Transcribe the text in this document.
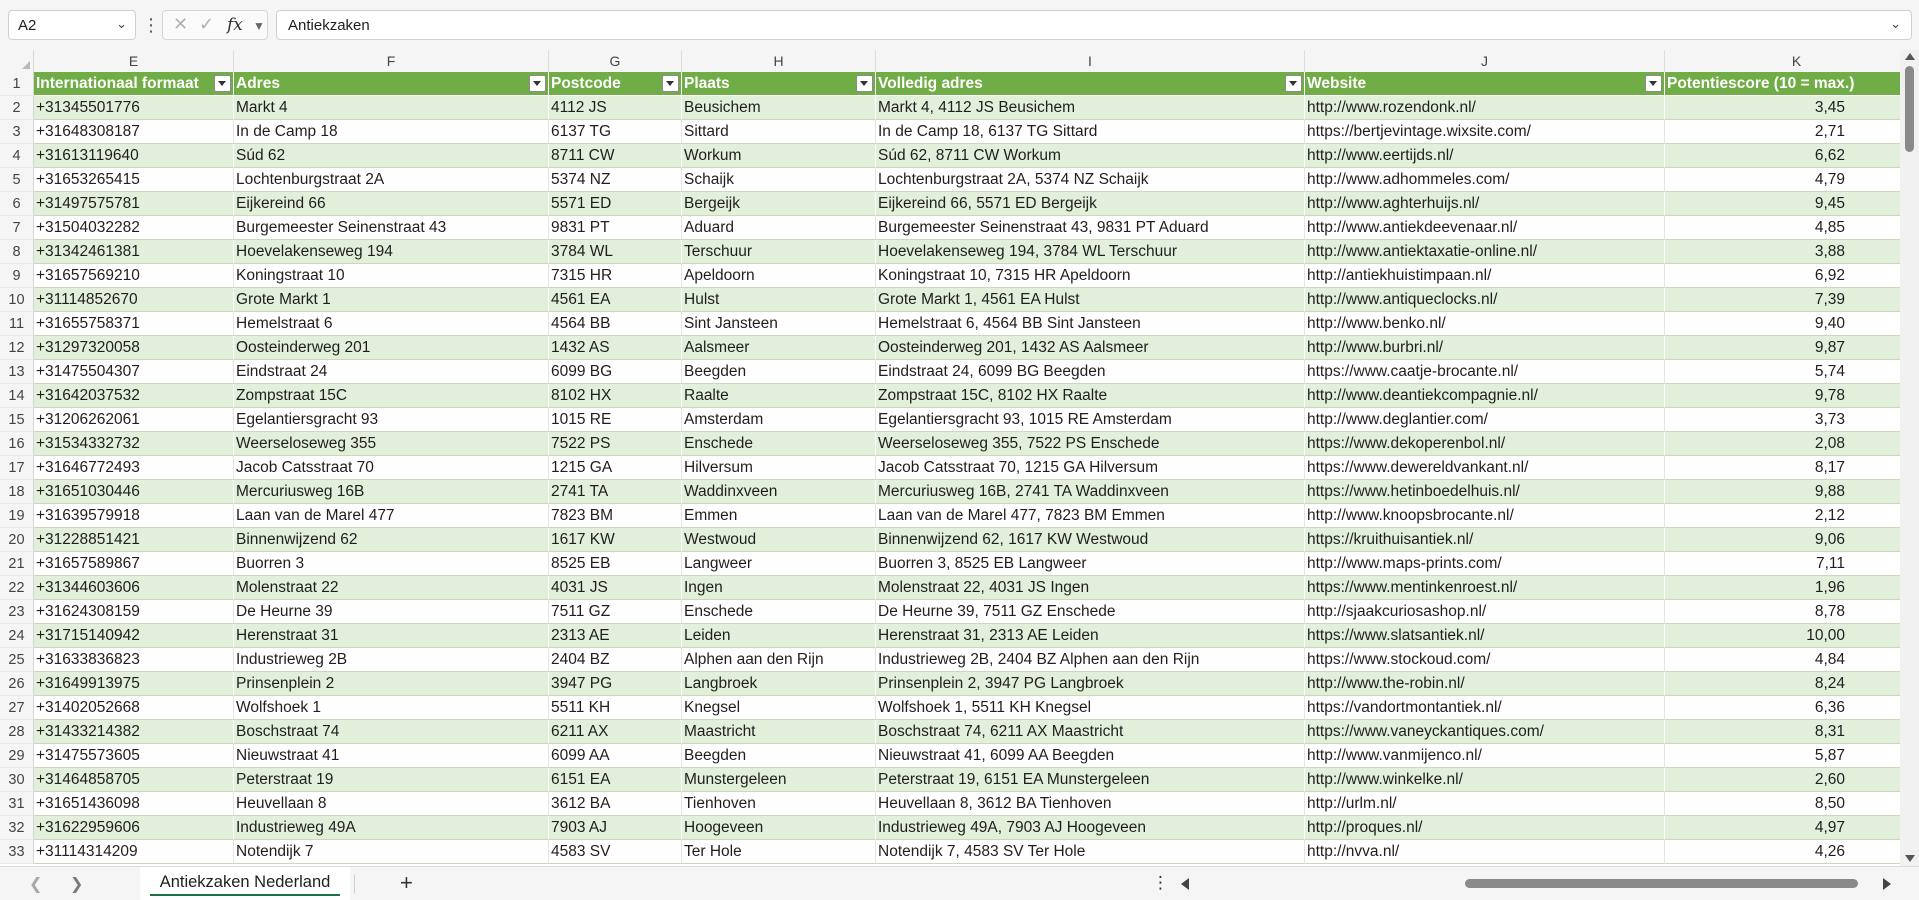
A2	⌄ ⋮ ✕ ✓ fx ▼ Antiekzaken	⌄
E	F	G	H	I	J	K
1
2
3
4
5
6
7
8
9
10
11
12
13
14
15
16
17
18
19
20
21
22
23
24
25
26
27
28
29
30
31
32
33
Internationaal formaat	Adres	Postcode	Plaats	Volledig adres	Website	Potentiescore (10 = max.)
+31345501776	Markt 4	4112 JS	Beusichem	Markt 4, 4112 JS Beusichem	http://www.rozendonk.nl/	3,45
+31648308187	In de Camp 18	6137 TG	Sittard	In de Camp 18, 6137 TG Sittard	https://bertjevintage.wixsite.com/	2,71
+31613119640	Súd 62	8711 CW	Workum	Súd 62, 8711 CW Workum	http://www.eertijds.nl/	6,62
+31653265415	Lochtenburgstraat 2A	5374 NZ	Schaijk	Lochtenburgstraat 2A, 5374 NZ Schaijk	http://www.adhommeles.com/	4,79
+31497575781	Eijkereind 66	5571 ED	Bergeijk	Eijkereind 66, 5571 ED Bergeijk	http://www.aghterhuijs.nl/	9,45
+31504032282	Burgemeester Seinenstraat 43	9831 PT	Aduard	Burgemeester Seinenstraat 43, 9831 PT Aduard	http://www.antiekdeevenaar.nl/	4,85
+31342461381	Hoevelakenseweg 194	3784 WL	Terschuur	Hoevelakenseweg 194, 3784 WL Terschuur	http://www.antiektaxatie-online.nl/	3,88
+31657569210	Koningstraat 10	7315 HR	Apeldoorn	Koningstraat 10, 7315 HR Apeldoorn	http://antiekhuistimpaan.nl/	6,92
+31114852670	Grote Markt 1	4561 EA	Hulst	Grote Markt 1, 4561 EA Hulst	http://www.antiqueclocks.nl/	7,39
+31655758371	Hemelstraat 6	4564 BB	Sint Jansteen	Hemelstraat 6, 4564 BB Sint Jansteen	http://www.benko.nl/	9,40
+31297320058	Oosteinderweg 201	1432 AS	Aalsmeer	Oosteinderweg 201, 1432 AS Aalsmeer	http://www.burbri.nl/	9,87
+31475504307	Eindstraat 24	6099 BG	Beegden	Eindstraat 24, 6099 BG Beegden	https://www.caatje-brocante.nl/	5,74
+31642037532	Zompstraat 15C	8102 HX	Raalte	Zompstraat 15C, 8102 HX Raalte	http://www.deantiekcompagnie.nl/	9,78
+31206262061	Egelantiersgracht 93	1015 RE	Amsterdam	Egelantiersgracht 93, 1015 RE Amsterdam	http://www.deglantier.com/	3,73
+31534332732	Weerseloseweg 355	7522 PS	Enschede	Weerseloseweg 355, 7522 PS Enschede	https://www.dekoperenbol.nl/	2,08
+31646772493	Jacob Catsstraat 70	1215 GA	Hilversum	Jacob Catsstraat 70, 1215 GA Hilversum	https://www.dewereldvankant.nl/	8,17
+31651030446	Mercuriusweg 16B	2741 TA	Waddinxveen	Mercuriusweg 16B, 2741 TA Waddinxveen	https://www.hetinboedelhuis.nl/	9,88
+31639579918	Laan van de Marel 477	7823 BM	Emmen	Laan van de Marel 477, 7823 BM Emmen	http://www.knoopsbrocante.nl/	2,12
+31228851421	Binnenwijzend 62	1617 KW	Westwoud	Binnenwijzend 62, 1617 KW Westwoud	https://kruithuisantiek.nl/	9,06
+31657589867	Buorren 3	8525 EB	Langweer	Buorren 3, 8525 EB Langweer	http://www.maps-prints.com/	7,11
+31344603606	Molenstraat 22	4031 JS	Ingen	Molenstraat 22, 4031 JS Ingen	https://www.mentinkenroest.nl/	1,96
+31624308159	De Heurne 39	7511 GZ	Enschede	De Heurne 39, 7511 GZ Enschede	http://sjaakcuriosashop.nl/	8,78
+31715140942	Herenstraat 31	2313 AE	Leiden	Herenstraat 31, 2313 AE Leiden	https://www.slatsantiek.nl/	10,00
+31633836823	Industrieweg 2B	2404 BZ	Alphen aan den Rijn	Industrieweg 2B, 2404 BZ Alphen aan den Rijn	https://www.stockoud.com/	4,84
+31649913975	Prinsenplein 2	3947 PG	Langbroek	Prinsenplein 2, 3947 PG Langbroek	http://www.the-robin.nl/	8,24
+31402052668	Wolfshoek 1	5511 KH	Knegsel	Wolfshoek 1, 5511 KH Knegsel	https://vandortmontantiek.nl/	6,36
+31433214382	Boschstraat 74	6211 AX	Maastricht	Boschstraat 74, 6211 AX Maastricht	https://www.vaneyckantiques.com/	8,31
+31475573605	Nieuwstraat 41	6099 AA	Beegden	Nieuwstraat 41, 6099 AA Beegden	http://www.vanmijenco.nl/	5,87
+31464858705	Peterstraat 19	6151 EA	Munstergeleen	Peterstraat 19, 6151 EA Munstergeleen	http://www.winkelke.nl/	2,60
+31651436098	Heuvellaan 8	3612 BA	Tienhoven	Heuvellaan 8, 3612 BA Tienhoven	http://urlm.nl/	8,50
+31622959606	Industrieweg 49A	7903 AJ	Hoogeveen	Industrieweg 49A, 7903 AJ Hoogeveen	http://proques.nl/	4,97
+31114314209	Notendijk 7	4583 SV	Ter Hole	Notendijk 7, 4583 SV Ter Hole	http://nvva.nl/	4,26
❮ ❯	Antiekzaken Nederland	+	⋮
